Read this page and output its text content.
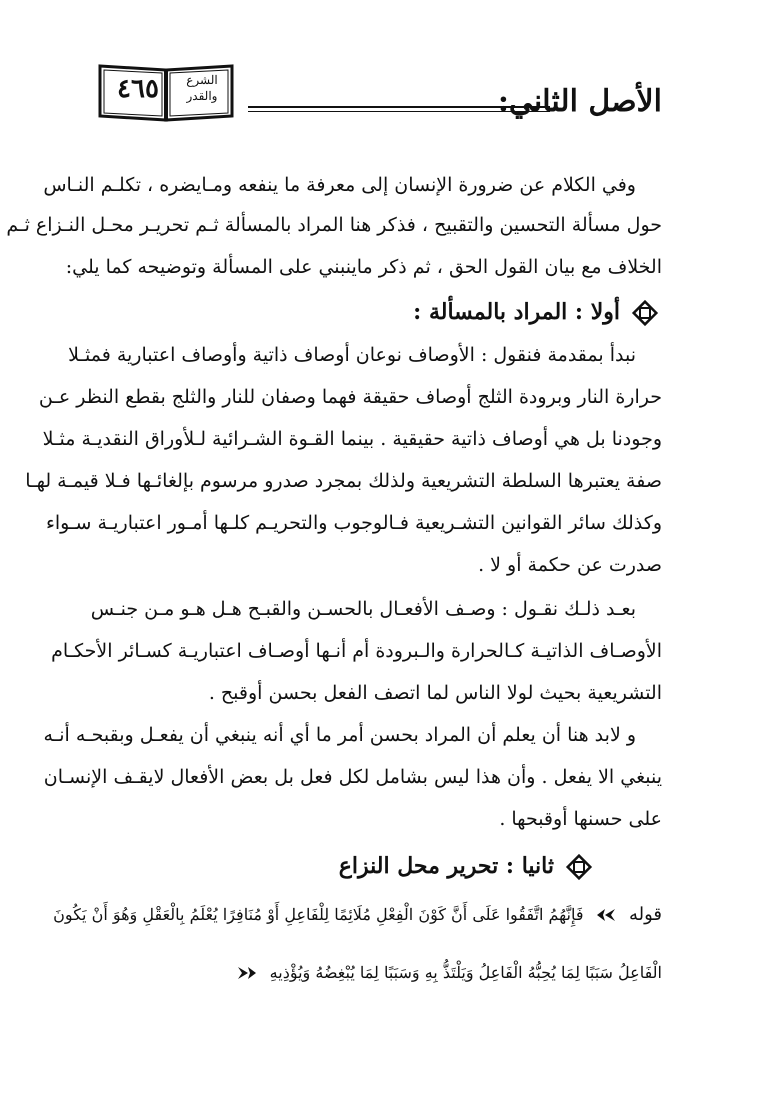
٤٦٥	الشرع
والقدر	الأصل الثاني:
وفي الكلام عن ضرورة الإنسان إلى معرفة ما ينفعه ومـايضره ، تكلـم النـاس
حول مسألة التحسين والتقبيح ، فذكر هنا المراد بالمسألة ثـم تحريـر محـل النـزاع ثـم
الخلاف مع بيان القول الحق ، ثم ذكر ماينبني على المسألة وتوضيحه كما يلي:
أولا : المراد بالمسألة :
نبدأ بمقدمة فنقول : الأوصاف نوعان أوصاف ذاتية وأوصاف اعتبارية فمثـلا
حرارة النار وبرودة الثلج أوصاف حقيقة فهما وصفان للنار والثلج بقطع النظر عـن
وجودنا بل هي أوصاف ذاتية حقيقية . بينما القـوة الشـرائية لـلأوراق النقديـة مثـلا
صفة يعتبرها السلطة التشريعية ولذلك بمجرد صدرو مرسوم بإلغائـها فـلا قيمـة لهـا
وكذلك سائر القوانين التشـريعية فـالوجوب والتحريـم كلـها أمـور اعتباريـة سـواء
صدرت عن حكمة أو لا .
بعـد ذلـك نقـول : وصـف الأفعـال بالحسـن والقبـح هـل هـو مـن جنـس
الأوصـاف الذاتيـة كـالحرارة والـبرودة أم أنـها أوصـاف اعتباريـة كسـائر الأحكـام
التشريعية بحيث لولا الناس لما اتصف الفعل بحسن أوقبح .
و لابد هنا أن يعلم أن المراد بحسن أمر ما أي أنه ينبغي أن يفعـل وبقبحـه أنـه
ينبغي الا يفعل . وأن هذا ليس بشامل لكل فعل بل بعض الأفعال لايقـف الإنسـان
على حسنها أوقبحها .
ثانيا : تحرير محل النزاع
قوله  فَإِنَّهُمُ اتَّفَقُوا عَلَى أَنَّ كَوْنَ الْفِعْلِ مُلَائِمًا لِلْفَاعِلِ أَوْ مُنَافِرًا يُعْلَمُ بِالْعَقْلِ وَهُوَ أَنْ يَكُونَ
الْفَاعِلُ سَبَبًا لِمَا يُحِبُّهُ الْفَاعِلُ وَيَلْتَذُّ بِهِ وَسَبَبًا لِمَا يُبْغِضُهُ وَيُؤْذِيهِ
